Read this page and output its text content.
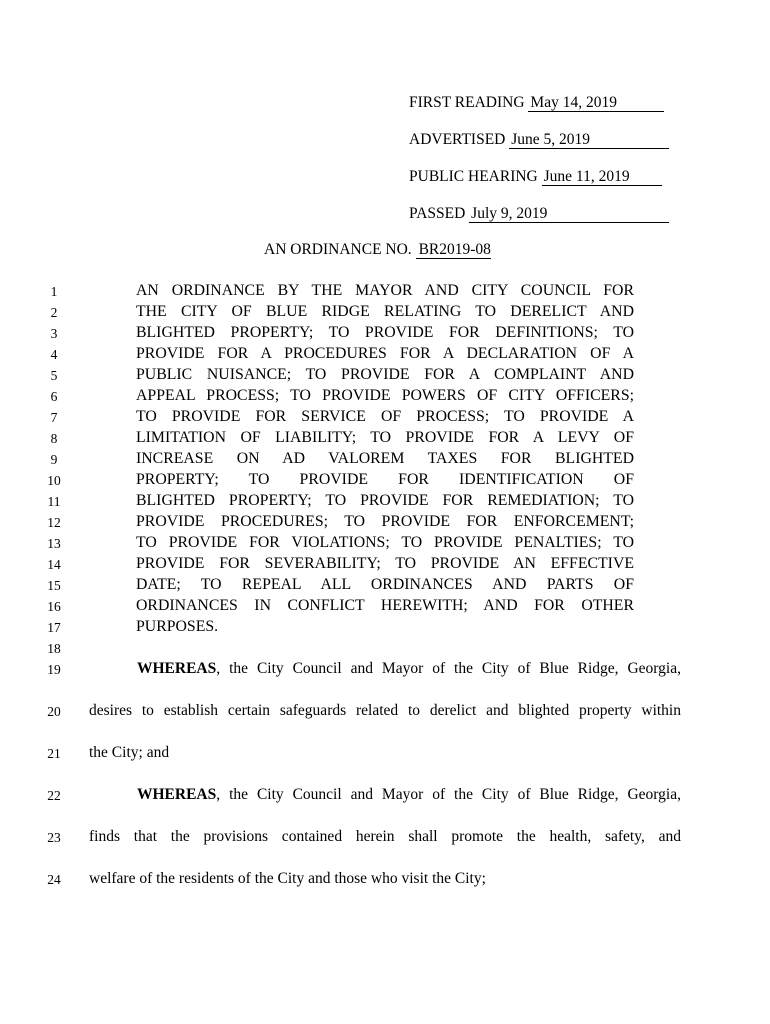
FIRST READING May 14, 2019
ADVERTISED June 5, 2019
PUBLIC HEARING June 11, 2019
PASSED July 9, 2019
AN ORDINANCE NO. BR2019-08
1
2
3
4
5
6
7
8
9
10
11
12
13
14
15
16
17
18
19
20
21
22
23
24
AN ORDINANCE BY THE MAYOR AND CITY COUNCIL FOR
THE CITY OF BLUE RIDGE RELATING TO DERELICT AND
BLIGHTED PROPERTY; TO PROVIDE FOR DEFINITIONS; TO
PROVIDE FOR A PROCEDURES FOR A DECLARATION OF A
PUBLIC NUISANCE; TO PROVIDE FOR A COMPLAINT AND
APPEAL PROCESS; TO PROVIDE POWERS OF CITY OFFICERS;
TO PROVIDE FOR SERVICE OF PROCESS; TO PROVIDE A
LIMITATION OF LIABILITY; TO PROVIDE FOR A LEVY OF
INCREASE ON AD VALOREM TAXES FOR BLIGHTED
PROPERTY; TO PROVIDE FOR IDENTIFICATION OF
BLIGHTED PROPERTY; TO PROVIDE FOR REMEDIATION; TO
PROVIDE PROCEDURES; TO PROVIDE FOR ENFORCEMENT;
TO PROVIDE FOR VIOLATIONS; TO PROVIDE PENALTIES; TO
PROVIDE FOR SEVERABILITY; TO PROVIDE AN EFFECTIVE
DATE; TO REPEAL ALL ORDINANCES AND PARTS OF
ORDINANCES IN CONFLICT HEREWITH; AND FOR OTHER
PURPOSES.
WHEREAS, the City Council and Mayor of the City of Blue Ridge, Georgia,
desires to establish certain safeguards related to derelict and blighted property within
the City; and
WHEREAS, the City Council and Mayor of the City of Blue Ridge, Georgia,
finds that the provisions contained herein shall promote the health, safety, and
welfare of the residents of the City and those who visit the City;
